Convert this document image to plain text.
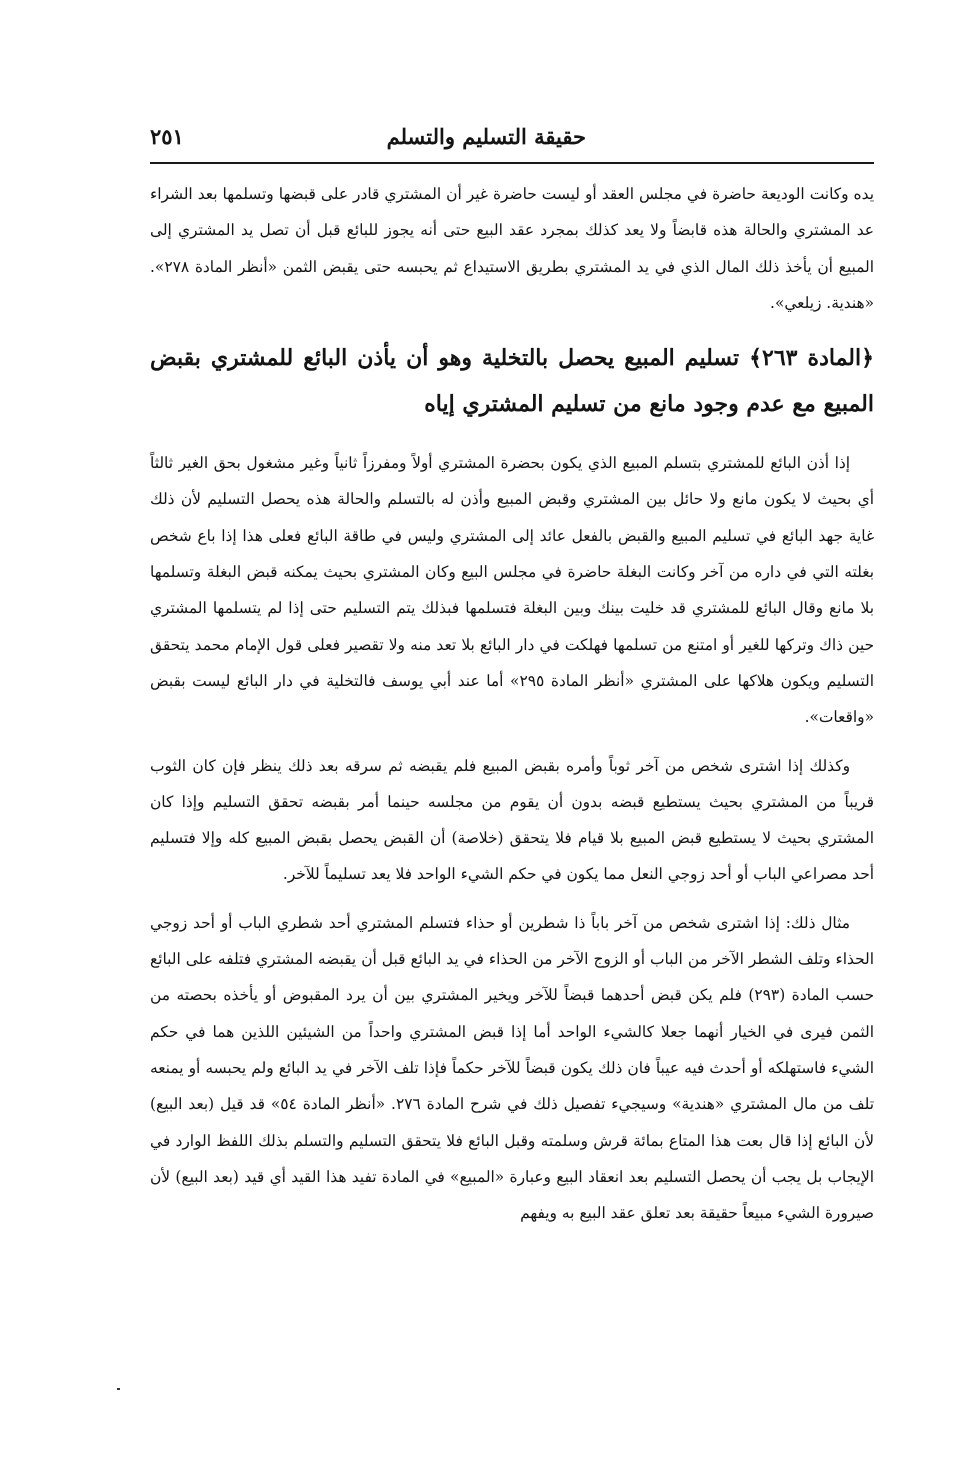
حقيقة التسليم والتسلم
٢٥١

يده وكانت الوديعة حاضرة في مجلس العقد أو ليست حاضرة غير أن المشتري قادر على قبضها وتسلمها بعد الشراء عد المشتري والحالة هذه قابضاً ولا يعد كذلك بمجرد عقد البيع حتى أنه يجوز للبائع قبل أن تصل يد المشتري إلى المبيع أن يأخذ ذلك المال الذي في يد المشتري بطريق الاستيداع ثم يحبسه حتى يقبض الثمن «أنظر المادة ٢٧٨». «هندية. زيلعي».

﴿المادة ٢٦٣﴾ تسليم المبيع يحصل بالتخلية وهو أن يأذن البائع للمشتري بقبض المبيع مع عدم وجود مانع من تسليم المشتري إياه

إذا أذن البائع للمشتري بتسلم المبيع الذي يكون بحضرة المشتري أولاً ومفرزاً ثانياً وغير مشغول بحق الغير ثالثاً أي بحيث لا يكون مانع ولا حائل بين المشتري وقبض المبيع وأذن له بالتسلم والحالة هذه يحصل التسليم لأن ذلك غاية جهد البائع في تسليم المبيع والقبض بالفعل عائد إلى المشتري وليس في طاقة البائع فعلى هذا إذا باع شخص بغلته التي في داره من آخر وكانت البغلة حاضرة في مجلس البيع وكان المشتري بحيث يمكنه قبض البغلة وتسلمها بلا مانع وقال البائع للمشتري قد خليت بينك وبين البغلة فتسلمها فبذلك يتم التسليم حتى إذا لم يتسلمها المشتري حين ذاك وتركها للغير أو امتنع من تسلمها فهلكت في دار البائع بلا تعد منه ولا تقصير فعلى قول الإمام محمد يتحقق التسليم ويكون هلاكها على المشتري «أنظر المادة ٢٩٥» أما عند أبي يوسف فالتخلية في دار البائع ليست بقبض «واقعات».

وكذلك إذا اشترى شخص من آخر ثوباً وأمره بقبض المبيع فلم يقبضه ثم سرقه بعد ذلك ينظر فإن كان الثوب قريباً من المشتري بحيث يستطيع قبضه بدون أن يقوم من مجلسه حينما أمر بقبضه تحقق التسليم وإذا كان المشتري بحيث لا يستطيع قبض المبيع بلا قيام فلا يتحقق (خلاصة) أن القبض يحصل بقبض المبيع كله وإلا فتسليم أحد مصراعي الباب أو أحد زوجي النعل مما يكون في حكم الشيء الواحد فلا يعد تسليماً للآخر.

مثال ذلك: إذا اشترى شخص من آخر باباً ذا شطرين أو حذاء فتسلم المشتري أحد شطري الباب أو أحد زوجي الحذاء وتلف الشطر الآخر من الباب أو الزوج الآخر من الحذاء في يد البائع قبل أن يقبضه المشتري فتلفه على البائع حسب المادة (٢٩٣) فلم يكن قبض أحدهما قبضاً للآخر ويخير المشتري بين أن يرد المقبوض أو يأخذه بحصته من الثمن فيرى في الخيار أنهما جعلا كالشيء الواحد أما إذا قبض المشتري واحداً من الشيئين اللذين هما في حكم الشيء فاستهلكه أو أحدث فيه عيباً فان ذلك يكون قبضاً للآخر حكماً فإذا تلف الآخر في يد البائع ولم يحبسه أو يمنعه تلف من مال المشتري «هندية» وسيجيء تفصيل ذلك في شرح المادة ٢٧٦. «أنظر المادة ٥٤» قد قيل (بعد البيع) لأن البائع إذا قال بعت هذا المتاع بمائة قرش وسلمته وقبل البائع فلا يتحقق التسليم والتسلم بذلك اللفظ الوارد في الإيجاب بل يجب أن يحصل التسليم بعد انعقاد البيع وعبارة «المبيع» في المادة تفيد هذا القيد أي قيد (بعد البيع) لأن صيرورة الشيء مبيعاً حقيقة بعد تعلق عقد البيع به ويفهم
